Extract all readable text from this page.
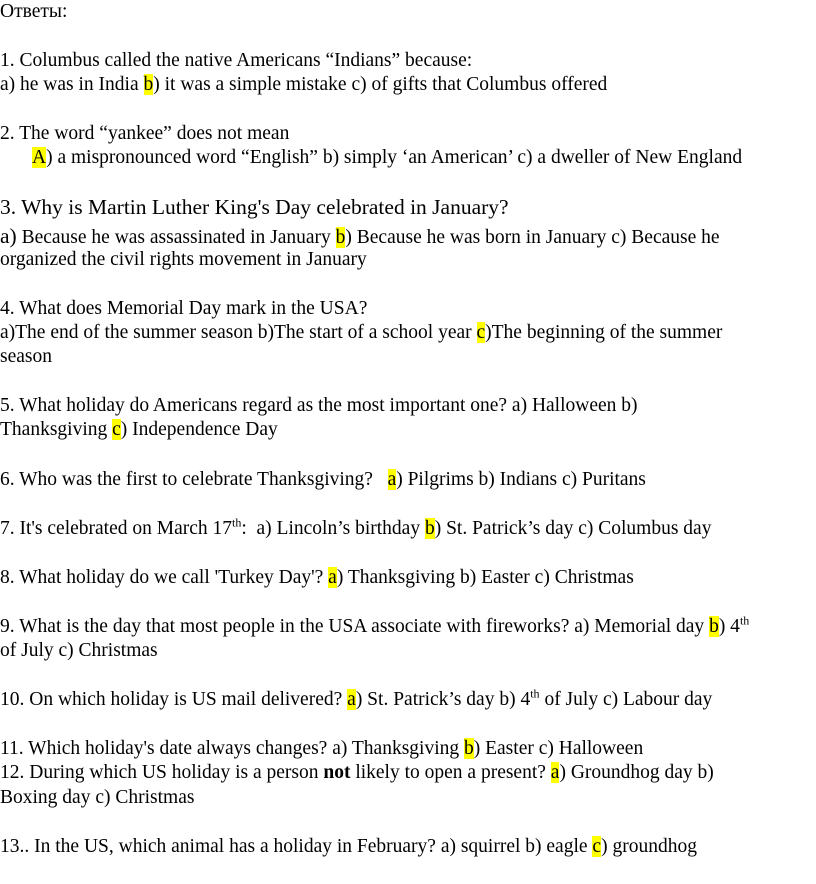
Ответы:
1. Columbus called the native Americans “Indians” because:
a) he was in India b) it was a simple mistake c) of gifts that Columbus offered
2. The word “yankee” does not mean
A) a mispronounced word “English” b) simply ‘an American’ c) a dweller of New England
3. Why is Martin Luther King's Day celebrated in January?
a) Because he was assassinated in January b) Because he was born in January c) Because he
organized the civil rights movement in January
4. What does Memorial Day mark in the USA?
a)The end of the summer season b)The start of a school year c)The beginning of the summer
season
5. What holiday do Americans regard as the most important one? a) Halloween b)
Thanksgiving c) Independence Day
6. Who was the first to celebrate Thanksgiving?   a) Pilgrims b) Indians c) Puritans
7. It's celebrated on March 17th:  a) Lincoln’s birthday b) St. Patrick’s day c) Columbus day
8. What holiday do we call 'Turkey Day'? a) Thanksgiving b) Easter c) Christmas
9. What is the day that most people in the USA associate with fireworks? a) Memorial day b) 4th
of July c) Christmas
10. On which holiday is US mail delivered? a) St. Patrick’s day b) 4th of July c) Labour day
11. Which holiday's date always changes? a) Thanksgiving b) Easter c) Halloween
12. During which US holiday is a person not likely to open a present? a) Groundhog day b)
Boxing day c) Christmas
13.. In the US, which animal has a holiday in February? a) squirrel b) eagle c) groundhog
